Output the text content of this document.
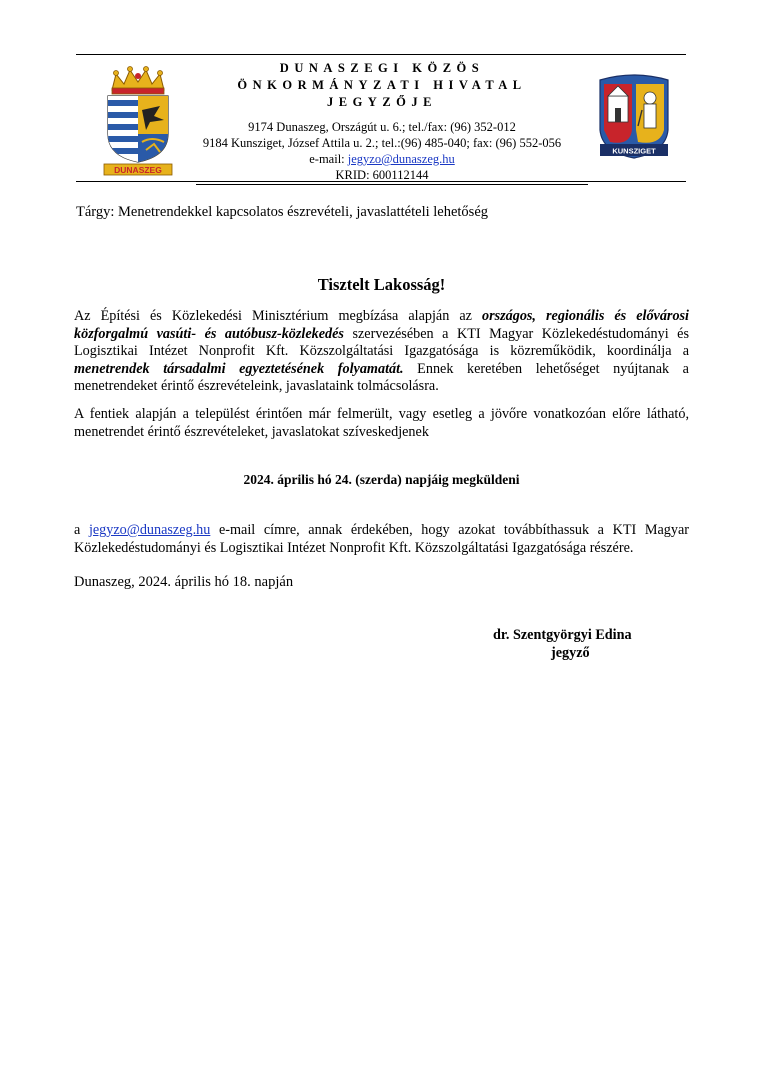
DUNASZEG
KUNSZIGET
DUNASZEGI KÖZÖS
ÖNKORMÁNYZATI HIVATAL
JEGYZŐJE
9174 Dunaszeg, Országút u. 6.; tel./fax: (96) 352-012
9184 Kunsziget, József Attila u. 2.; tel.:(96) 485-040; fax: (96) 552-056
e-mail: jegyzo@dunaszeg.hu
KRID: 600112144
Tárgy: Menetrendekkel kapcsolatos észrevételi, javaslattételi lehetőség
Tisztelt Lakosság!
Az Építési és Közlekedési Minisztérium megbízása alapján az országos, regionális és elővárosi közforgalmú vasúti- és autóbusz-közlekedés szervezésében a KTI Magyar Közlekedéstudományi és Logisztikai Intézet Nonprofit Kft. Közszolgáltatási Igazgatósága is közreműködik, koordinálja a menetrendek társadalmi egyeztetésének folyamatát. Ennek keretében lehetőséget nyújtanak a menetrendeket érintő észrevételeink, javaslataink tolmácsolásra.
A fentiek alapján a települést érintően már felmerült, vagy esetleg a jövőre vonatkozóan előre látható, menetrendet érintő észrevételeket, javaslatokat szíveskedjenek
2024. április hó 24. (szerda) napjáig megküldeni
a jegyzo@dunaszeg.hu e-mail címre, annak érdekében, hogy azokat továbbíthassuk a KTI Magyar Közlekedéstudományi és Logisztikai Intézet Nonprofit Kft. Közszolgáltatási Igazgatósága részére.
Dunaszeg, 2024. április hó 18. napján
dr. Szentgyörgyi Edina
jegyző
